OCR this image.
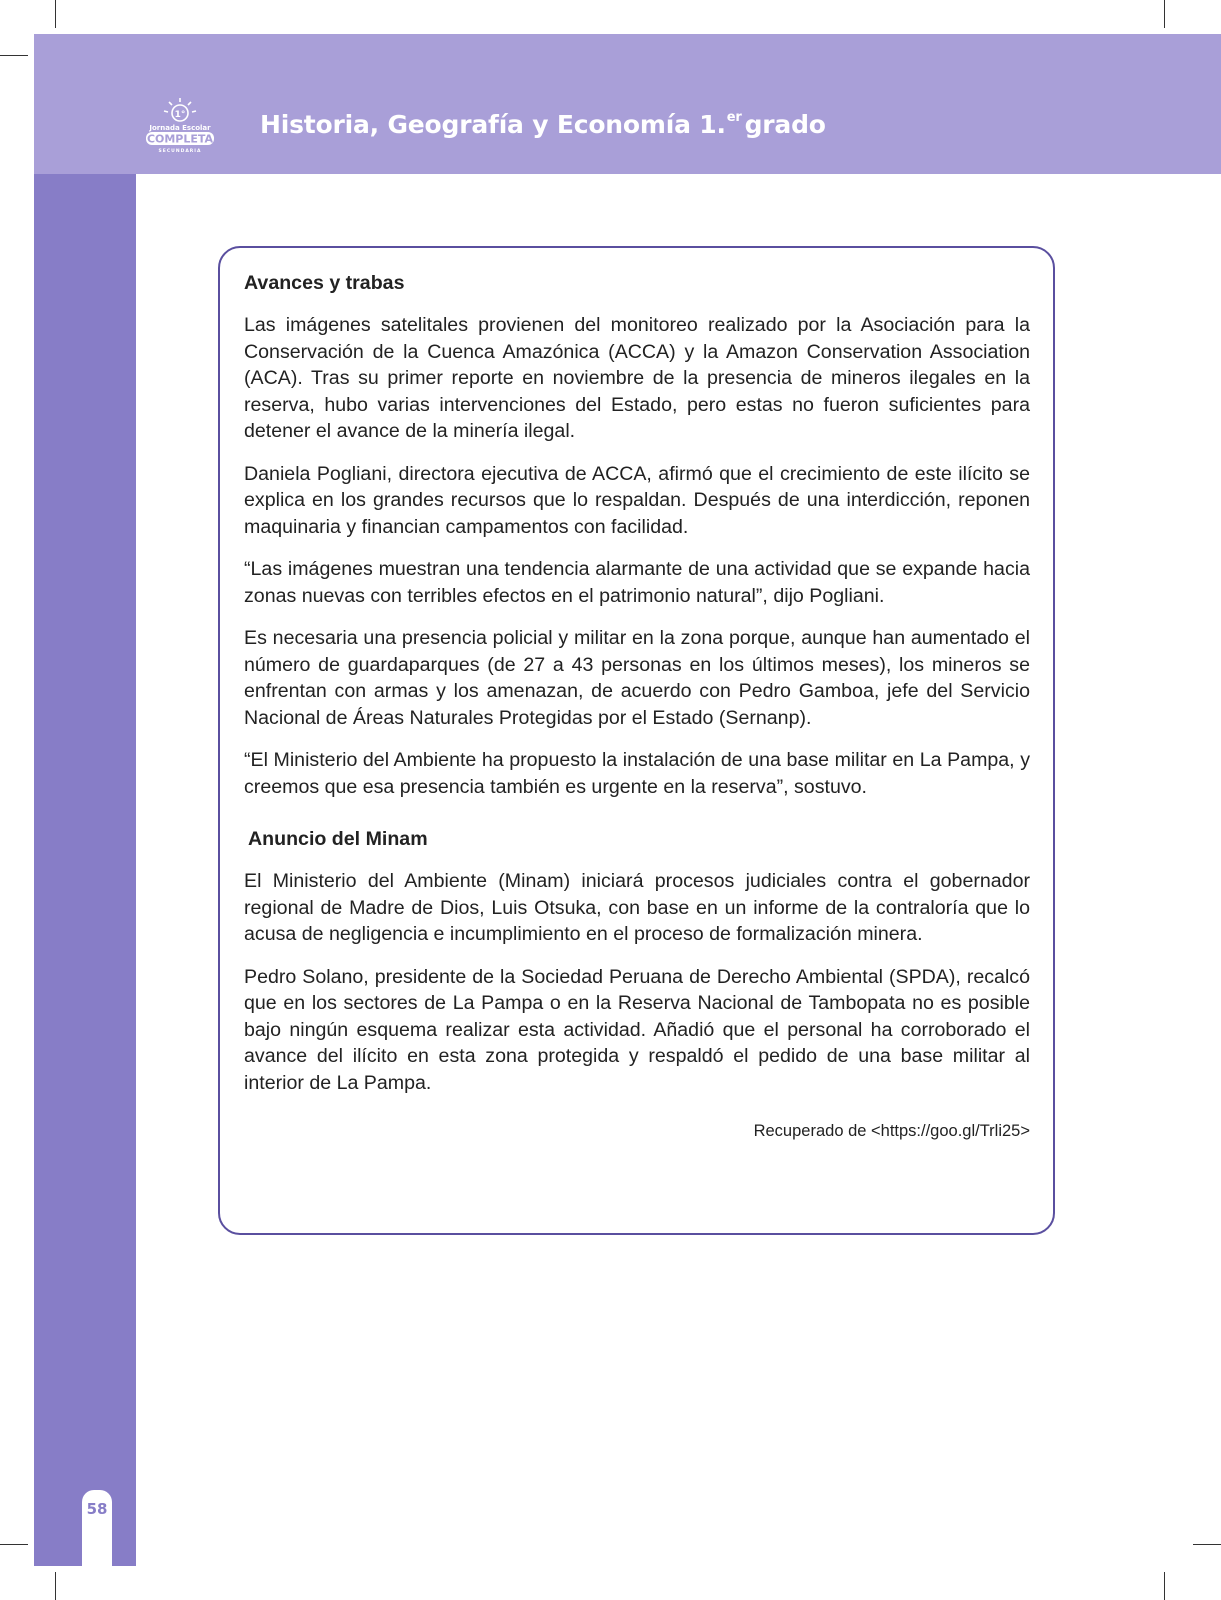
1°
Jornada Escolar
COMPLETA
SECUNDARIA
Historia, Geografía y Economía 1.$^{er}$ grado
Avances y trabas

Las imágenes satelitales provienen del monitoreo realizado por la Asociación para la Conservación de la Cuenca Amazónica (ACCA) y la Amazon Conservation Association (ACA). Tras su primer reporte en noviembre de la presencia de mineros ilegales en la reserva, hubo varias intervenciones del Estado, pero estas no fueron suficientes para detener el avance de la minería ilegal.

Daniela Pogliani, directora ejecutiva de ACCA, afirmó que el crecimiento de este ilícito se explica en los grandes recursos que lo respaldan. Después de una interdicción, reponen maquinaria y financian campamentos con facilidad.

“Las imágenes muestran una tendencia alarmante de una actividad que se expande hacia zonas nuevas con terribles efectos en el patrimonio natural”, dijo Pogliani.

Es necesaria una presencia policial y militar en la zona porque, aunque han aumentado el número de guardaparques (de 27 a 43 personas en los últimos meses), los mineros se enfrentan con armas y los amenazan, de acuerdo con Pedro Gamboa, jefe del Servicio Nacional de Áreas Naturales Protegidas por el Estado (Sernanp).

“El Ministerio del Ambiente ha propuesto la instalación de una base militar en La Pampa, y creemos que esa presencia también es urgente en la reserva”, sostuvo.

Anuncio del Minam

El Ministerio del Ambiente (Minam) iniciará procesos judiciales contra el gobernador regional de Madre de Dios, Luis Otsuka, con base en un informe de la contraloría que lo acusa de negligencia e incumplimiento en el proceso de formalización minera.

Pedro Solano, presidente de la Sociedad Peruana de Derecho Ambiental (SPDA), recalcó que en los sectores de La Pampa o en la Reserva Nacional de Tambopata no es posible bajo ningún esquema realizar esta actividad. Añadió que el personal ha corroborado el avance del ilícito en esta zona protegida y respaldó el pedido de una base militar al interior de La Pampa.

Recuperado de <https://goo.gl/Trli25>

58
